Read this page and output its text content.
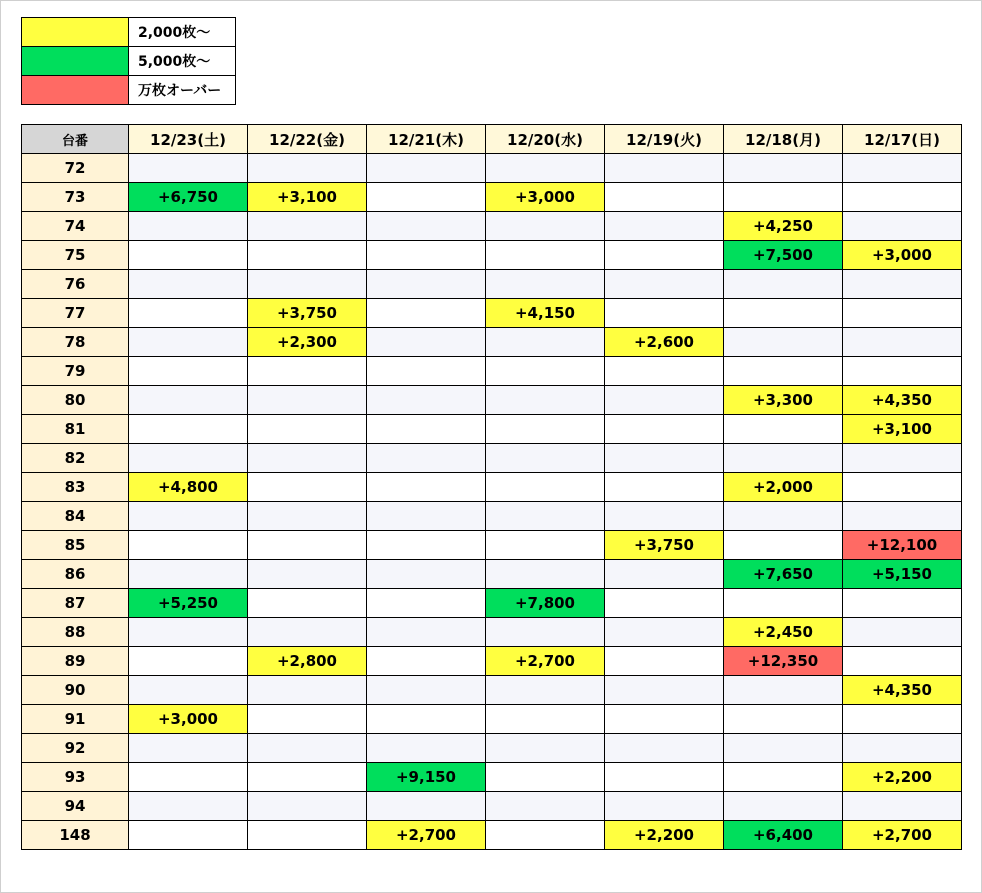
	2,000枚〜
	5,000枚〜
	万枚オーバー
台番	12/23(土)	12/22(金)	12/21(木)	12/20(水)	12/19(火)	12/18(月)	12/17(日)
72							
73	+6,750	+3,100		+3,000			
74						+4,250	
75						+7,500	+3,000
76							
77		+3,750		+4,150			
78		+2,300			+2,600		
79							
80						+3,300	+4,350
81							+3,100
82							
83	+4,800					+2,000	
84							
85					+3,750		+12,100
86						+7,650	+5,150
87	+5,250			+7,800			
88						+2,450	
89		+2,800		+2,700		+12,350	
90							+4,350
91	+3,000						
92							
93			+9,150				+2,200
94							
148			+2,700		+2,200	+6,400	+2,700
